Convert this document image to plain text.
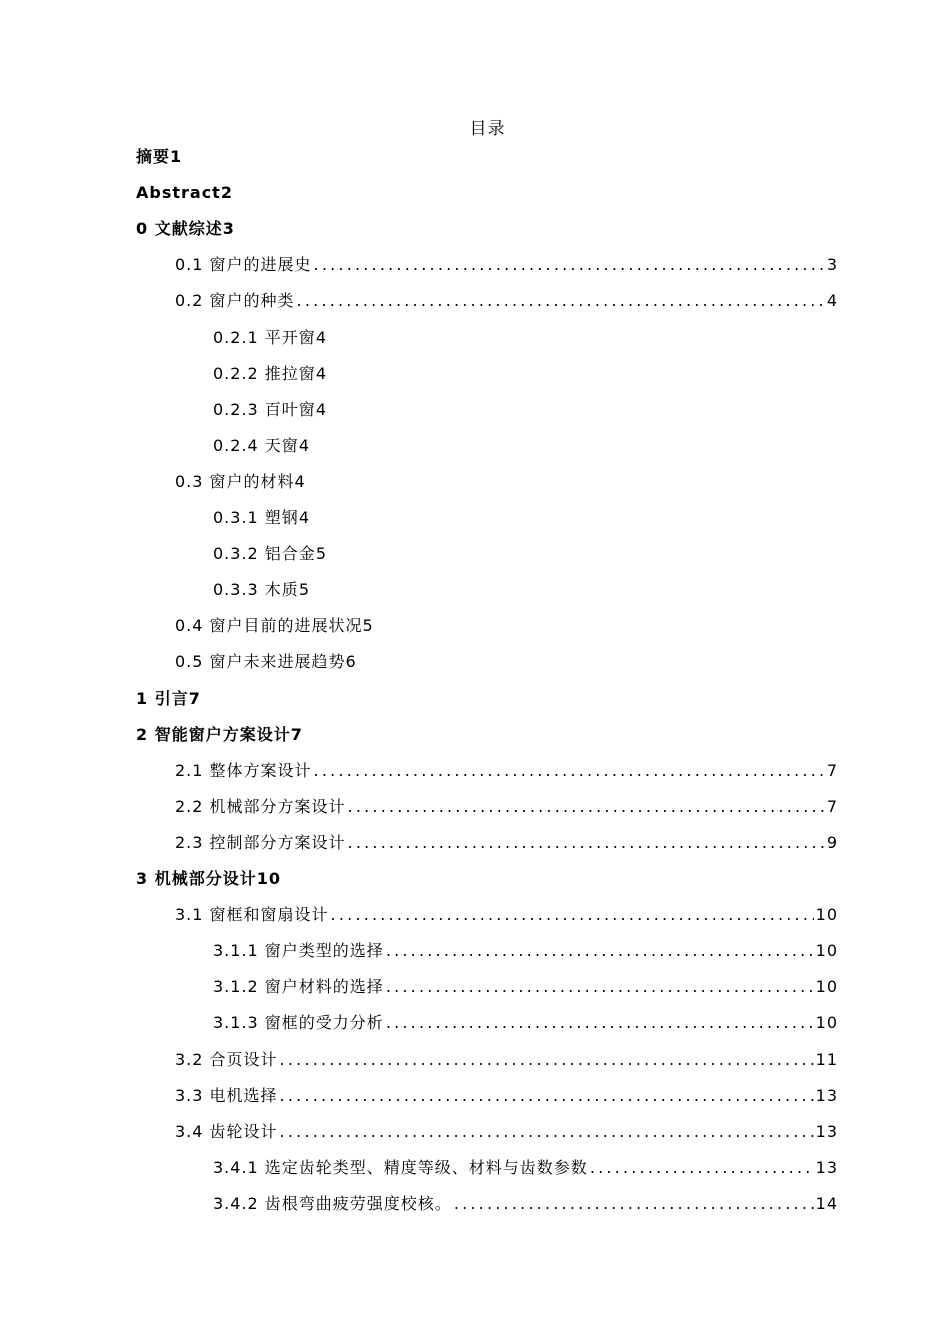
目录
摘要 1
Abstract 2
0 文献综述 3
0.1 窗户的进展史 .....	3
0.2 窗户的种类 .....	4
0.2.1 平开窗 4
0.2.2 推拉窗 4
0.2.3 百叶窗 4
0.2.4 天窗 4
0.3 窗户的材料 4
0.3.1 塑钢 4
0.3.2 铝合金 5
0.3.3 木质 5
0.4 窗户目前的进展状况 5
0.5 窗户未来进展趋势 6
1 引言 7
2 智能窗户方案设计 7
2.1 整体方案设计 .....	7
2.2 机械部分方案设计 .....	7
2.3 控制部分方案设计 .....	9
3 机械部分设计 10
3.1 窗框和窗扇设计 .....	10
3.1.1 窗户类型的选择 .....	10
3.1.2 窗户材料的选择 .....	10
3.1.3 窗框的受力分析 .....	10
3.2 合页设计 .....	11
3.3 电机选择 .....	13
3.4 齿轮设计 .....	13
3.4.1 选定齿轮类型、精度等级、材料与齿数参数 .....	13
3.4.2 齿根弯曲疲劳强度校核。 .....	14
